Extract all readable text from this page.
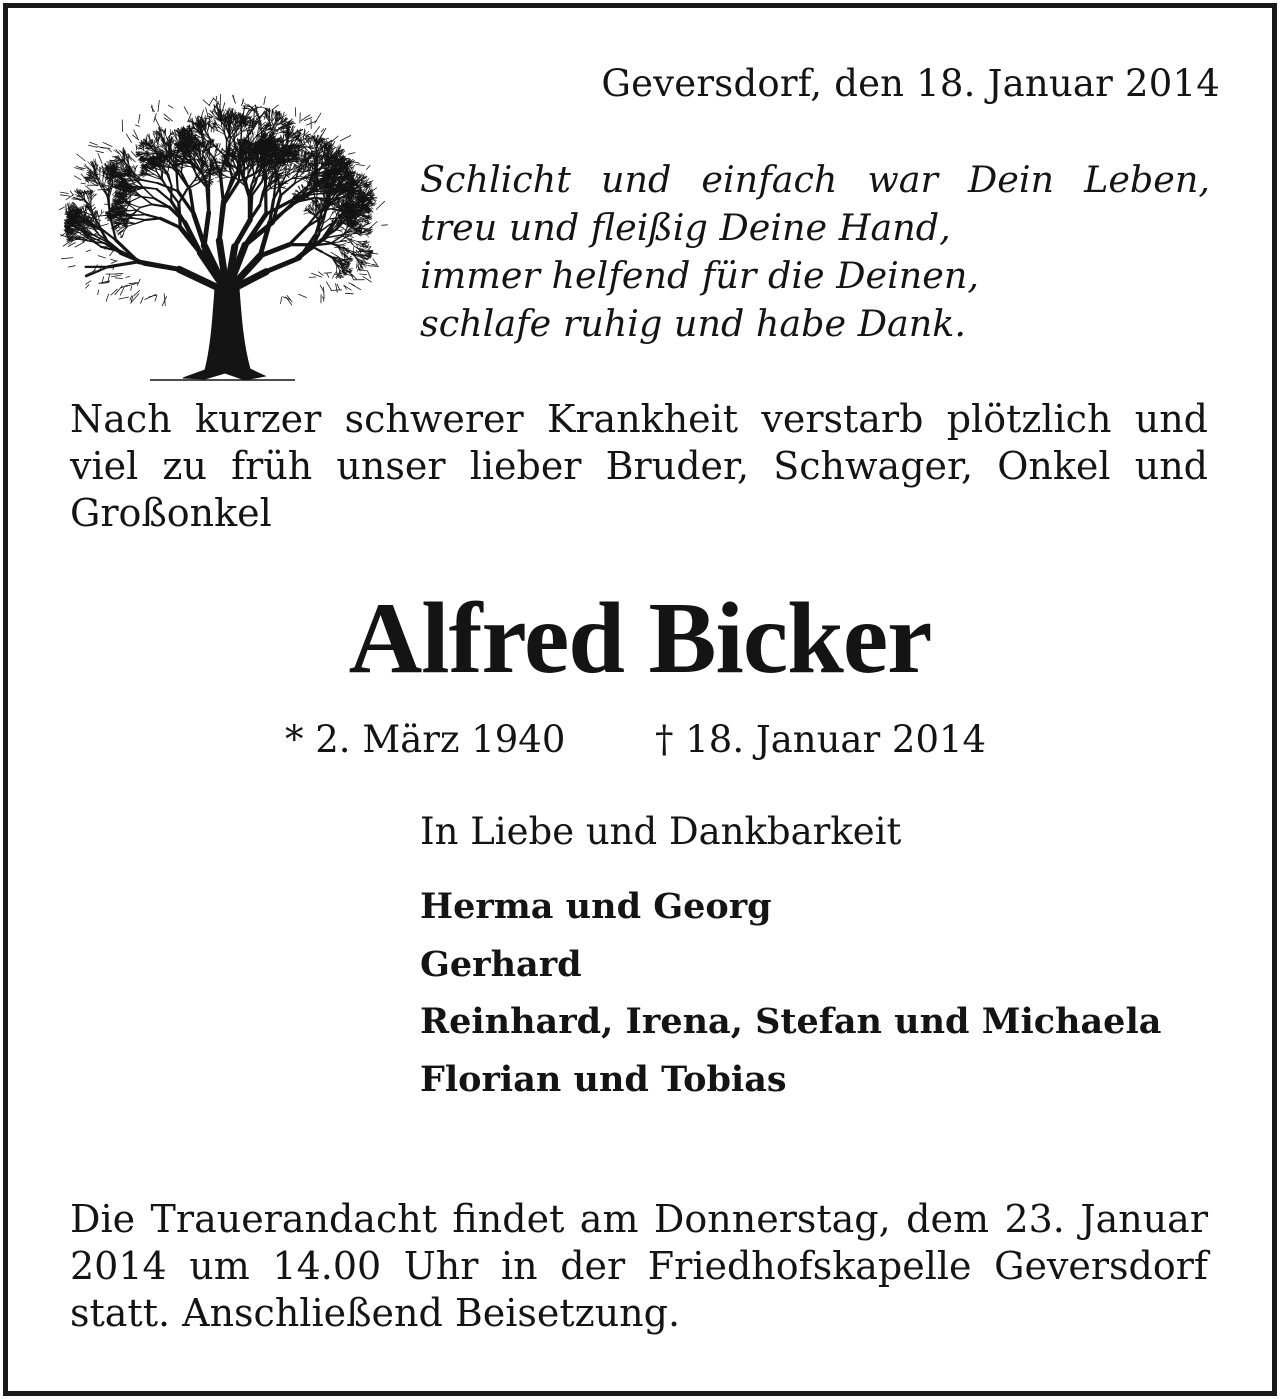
Geversdorf, den 18. Januar 2014
Schlicht und einfach war Dein Leben,
treu und fleißig Deine Hand,
immer helfend für die Deinen,
schlafe ruhig und habe Dank.
Nach kurzer schwerer Krankheit verstarb plötzlich und
viel zu früh unser lieber Bruder, Schwager, Onkel und
Großonkel
Alfred Bicker
* 2. März 1940 † 18. Januar 2014
In Liebe und Dankbarkeit
Herma und Georg
Gerhard
Reinhard, Irena, Stefan und Michaela
Florian und Tobias
Die Trauerandacht findet am Donnerstag, dem 23. Januar
2014 um 14.00 Uhr in der Friedhofskapelle Geversdorf
statt. Anschließend Beisetzung.
